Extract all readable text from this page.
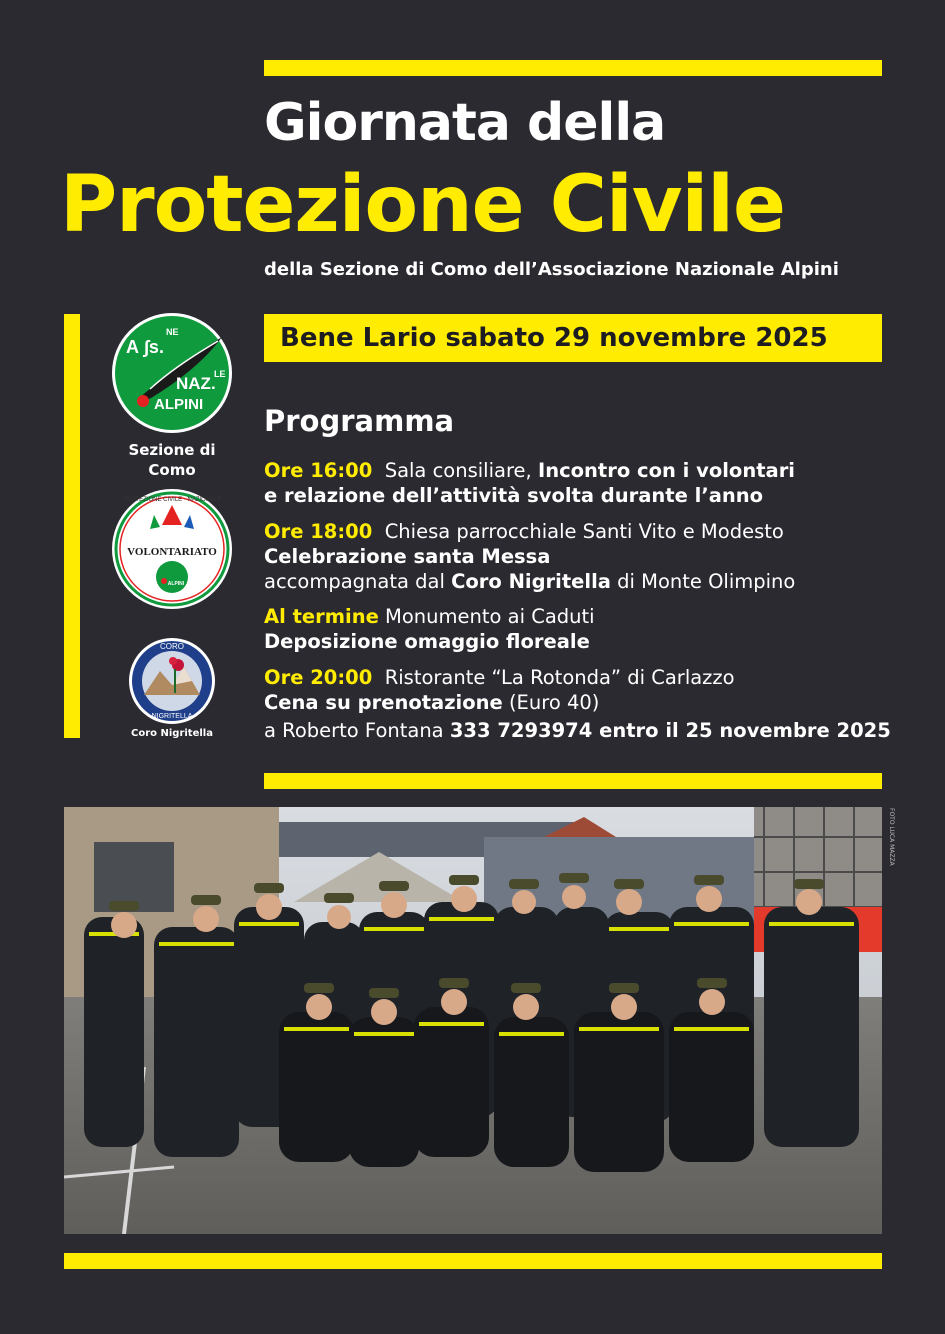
Giornata della
Protezione Civile
della Sezione di Como dell’Associazione Nazionale Alpini
Bene Lario sabato 29 novembre 2025
A ∫s.
NE
NAZ.
LE
ALPINI
Sezione di Como
PROTEZIONE CIVILE · NAZIONALE
VOLONTARIATO
ALPINI
CORO
NIGRITELLA
Coro Nigritella
Programma
Ore 16:00 Sala consiliare, Incontro con i volontari
e relazione dell’attività svolta durante l’anno
Ore 18:00 Chiesa parrocchiale Santi Vito e Modesto
Celebrazione santa Messa
accompagnata dal Coro Nigritella di Monte Olimpino
Al termine Monumento ai Caduti
Deposizione omaggio floreale
Ore 20:00 Ristorante “La Rotonda” di Carlazzo
Cena su prenotazione (Euro 40)
a Roberto Fontana 333 7293974 entro il 25 novembre 2025
FOTO LUCA MAZZA
